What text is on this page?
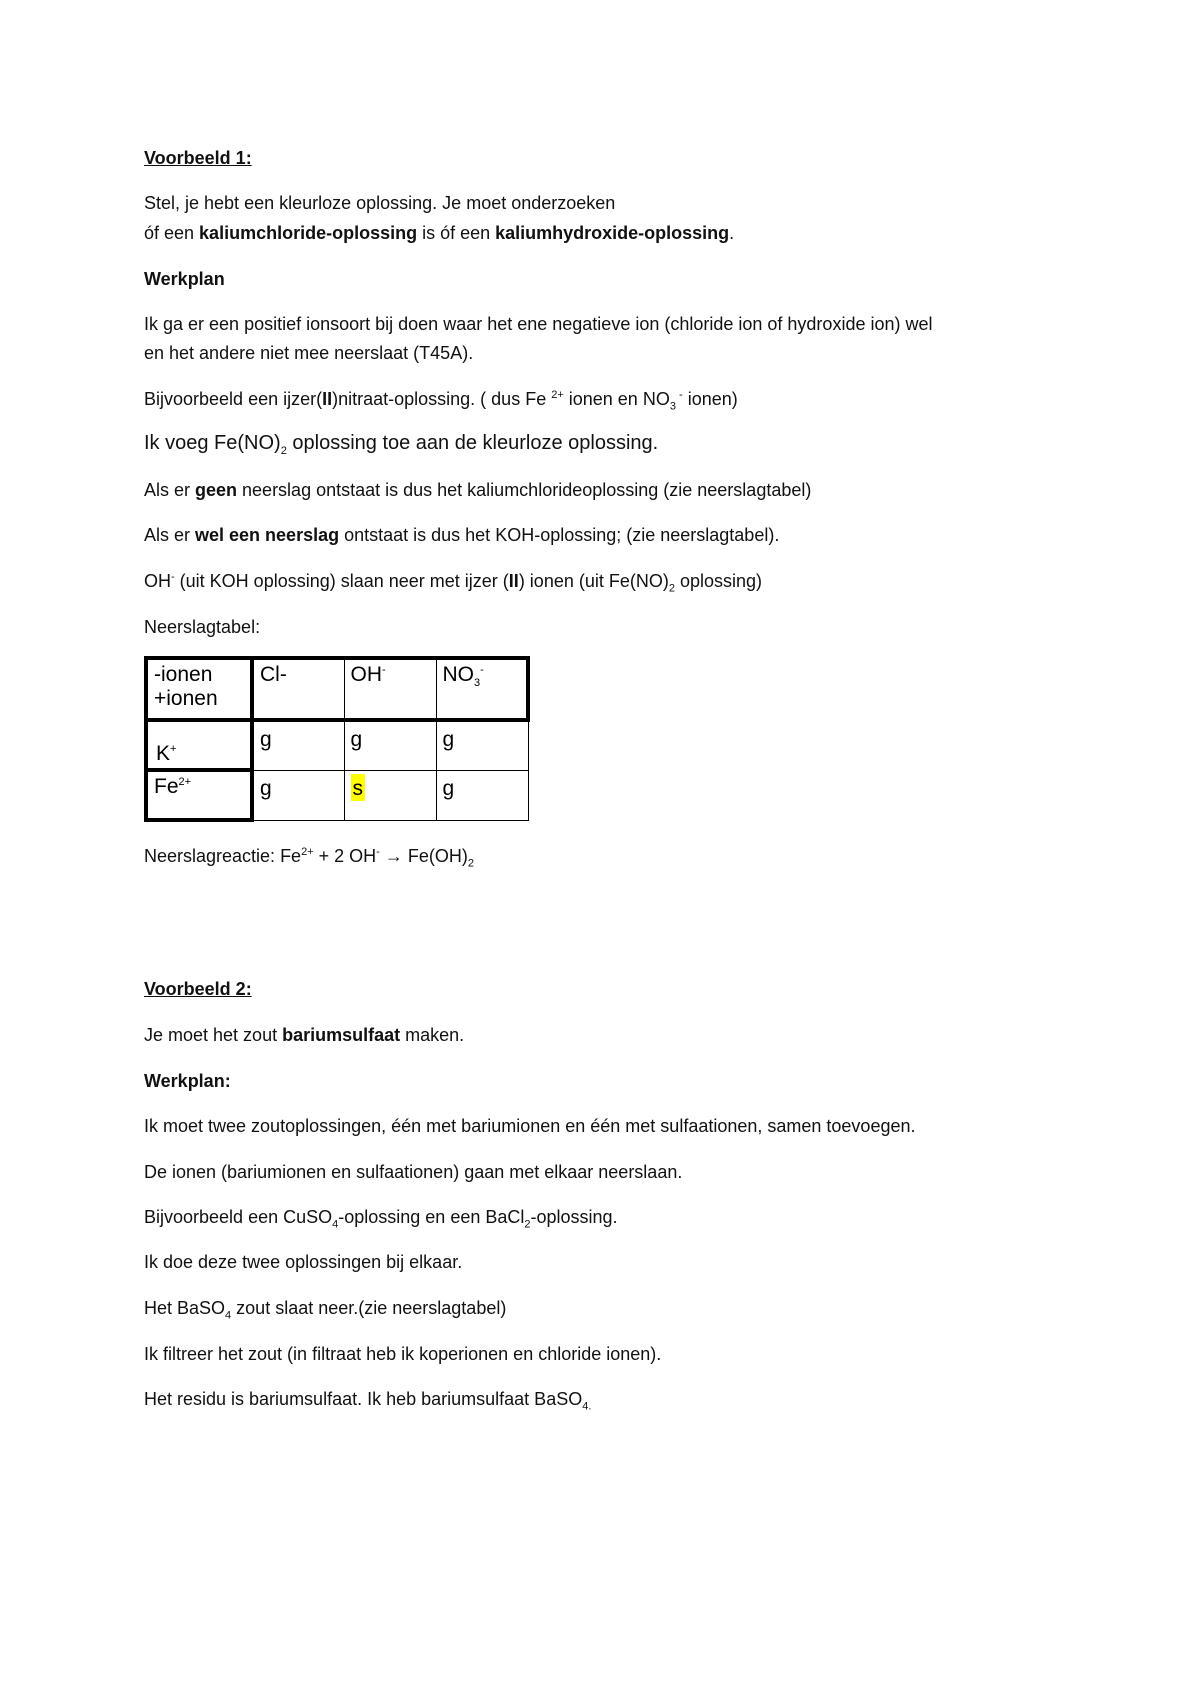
Voorbeeld 1:
Stel, je hebt een kleurloze oplossing. Je moet onderzoeken
óf een kaliumchloride-oplossing is óf een kaliumhydroxide-oplossing.
Werkplan
Ik ga er een positief ionsoort bij doen waar het ene negatieve ion (chloride ion of hydroxide ion) wel
en het andere niet mee neerslaat (T45A).
Bijvoorbeeld een ijzer(II)nitraat-oplossing. ( dus Fe $^{2+}$ ionen en $NO_3$ - ionen)
Ik voeg $Fe(NO)_2$ oplossing toe aan de kleurloze oplossing.
Als er geen neerslag ontstaat is dus het kaliumchlorideoplossing (zie neerslagtabel)
Als er wel een neerslag ontstaat is dus het KOH-oplossing; (zie neerslagtabel).
OH- (uit KOH oplossing) slaan neer met ijzer (II) ionen (uit $Fe(NO)_2$ oplossing)
Neerslagtabel:
-ionen
+ionen	Cl-	OH-	$NO_3^-$

K+	g	g	g
$Fe^{2+}$	g	s	g
Neerslagreactie: $Fe^{2+} + 2$ $OH^- \to Fe(OH)_2$
Voorbeeld 2:
Je moet het zout bariumsulfaat maken.
Werkplan:
Ik moet twee zoutoplossingen, één met bariumionen en één met sulfaationen, samen toevoegen.
De ionen (bariumionen en sulfaationen) gaan met elkaar neerslaan.
Bijvoorbeeld een CuSO$_4$-oplossing en een BaCl$_2$-oplossing.
Ik doe deze twee oplossingen bij elkaar.
Het BaSO$_4$ zout slaat neer.(zie neerslagtabel)
Ik filtreer het zout (in filtraat heb ik koperionen en chloride ionen).
Het residu is bariumsulfaat. Ik heb bariumsulfaat BaSO$_{4.}$
